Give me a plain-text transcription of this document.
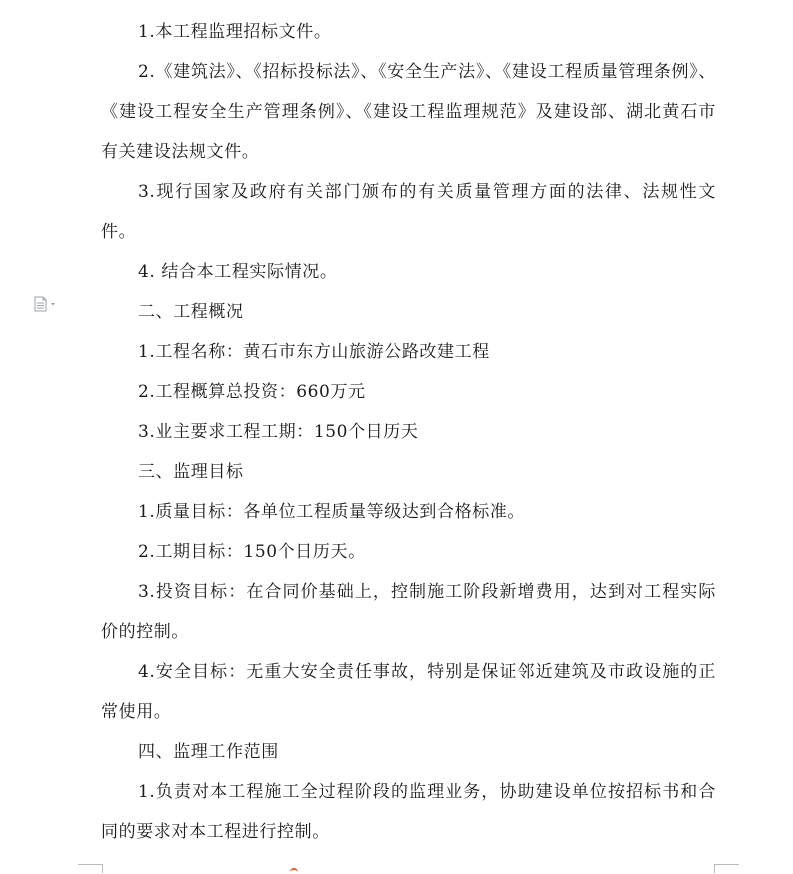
1.本工程监理招标文件。

2.《建筑法》、《招标投标法》、《安全生产法》、《建设工程质量管理条例》、《建设工程安全生产管理条例》、《建设工程监理规范》及建设部、湖北黄石市有关建设法规文件。

3.现行国家及政府有关部门颁布的有关质量管理方面的法律、法规性文件。

4. 结合本工程实际情况。

二、工程概况

1.工程名称：黄石市东方山旅游公路改建工程

2.工程概算总投资：660万元

3.业主要求工程工期：150个日历天

三、监理目标

1.质量目标：各单位工程质量等级达到合格标准。

2.工期目标：150个日历天。

3.投资目标：在合同价基础上，控制施工阶段新增费用，达到对工程实际价的控制。

4.安全目标：无重大安全责任事故，特别是保证邻近建筑及市政设施的正常使用。

四、监理工作范围

1.负责对本工程施工全过程阶段的监理业务，协助建设单位按招标书和合同的要求对本工程进行控制。
